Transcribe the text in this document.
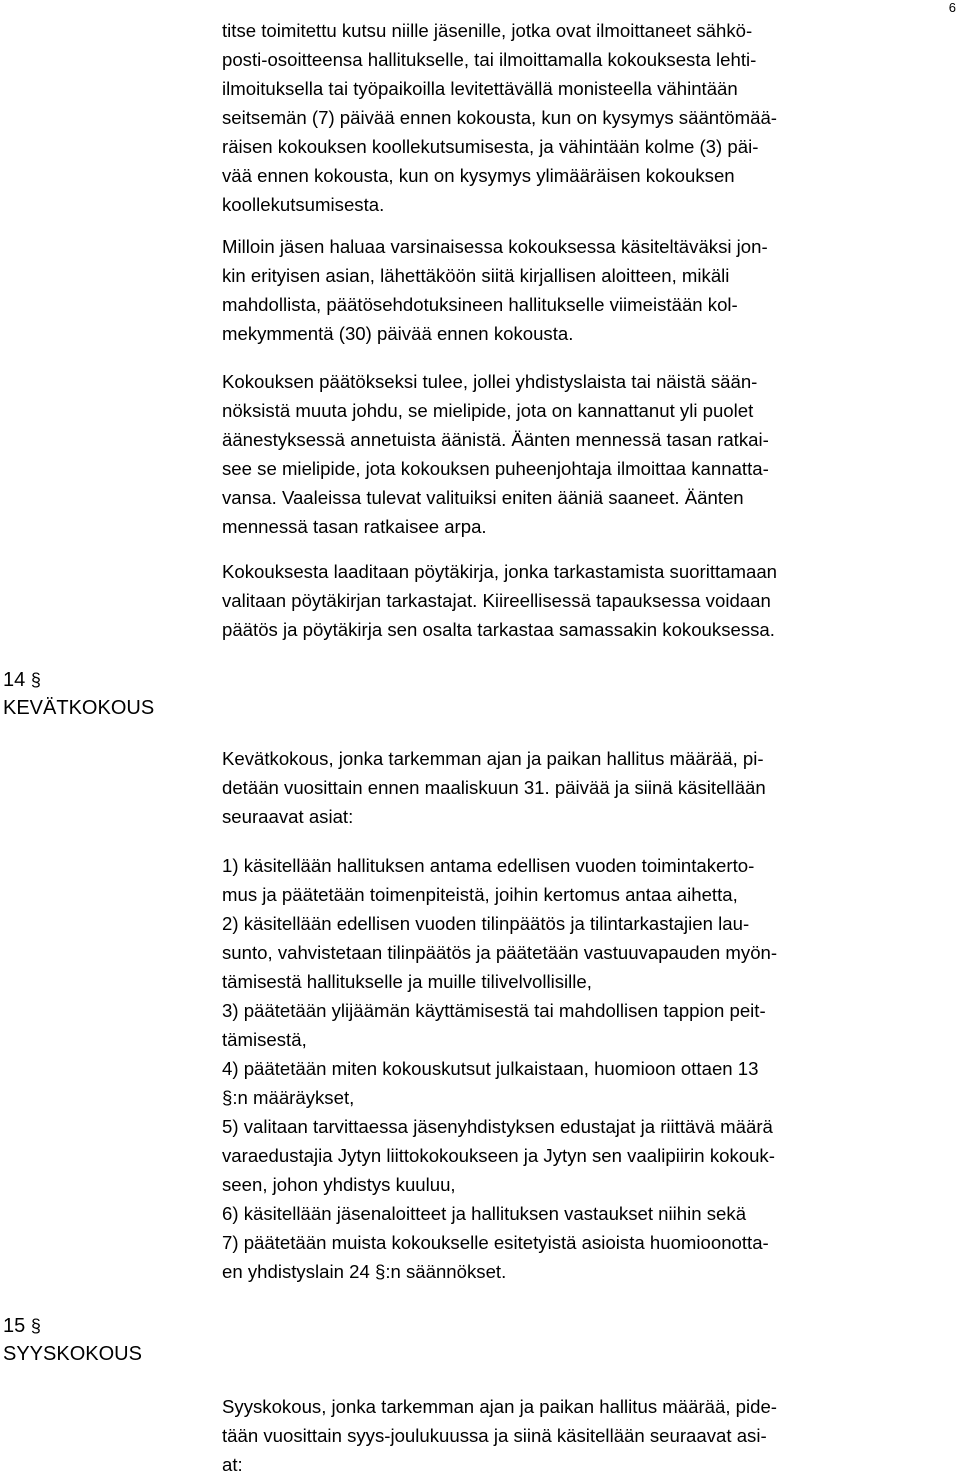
6

titse toimitettu kutsu niille jäsenille, jotka ovat ilmoittaneet sähkö-
posti-osoitteensa hallitukselle, tai ilmoittamalla kokouksesta lehti-
ilmoituksella tai työpaikoilla levitettävällä monisteella vähintään
seitsemän (7) päivää ennen kokousta, kun on kysymys sääntömää-
räisen kokouksen koollekutsumisesta, ja vähintään kolme (3) päi-
vää ennen kokousta, kun on kysymys ylimääräisen kokouksen
koollekutsumisesta.

Milloin jäsen haluaa varsinaisessa kokouksessa käsiteltäväksi jon-
kin erityisen asian, lähettäköön siitä kirjallisen aloitteen, mikäli
mahdollista, päätösehdotuksineen hallitukselle viimeistään kol-
mekymmentä (30) päivää ennen kokousta.

Kokouksen päätökseksi tulee, jollei yhdistyslaista tai näistä sään-
nöksistä muuta johdu, se mielipide, jota on kannattanut yli puolet
äänestyksessä annetuista äänistä. Äänten mennessä tasan ratkai-
see se mielipide, jota kokouksen puheenjohtaja ilmoittaa kannatta-
vansa. Vaaleissa tulevat valituiksi eniten ääniä saaneet. Äänten
mennessä tasan ratkaisee arpa.

Kokouksesta laaditaan pöytäkirja, jonka tarkastamista suorittamaan
valitaan pöytäkirjan tarkastajat. Kiireellisessä tapauksessa voidaan
päätös ja pöytäkirja sen osalta tarkastaa samassakin kokouksessa.

14 §
KEVÄTKOKOUS

Kevätkokous, jonka tarkemman ajan ja paikan hallitus määrää, pi-
detään vuosittain ennen maaliskuun 31. päivää ja siinä käsitellään
seuraavat asiat:

1) käsitellään hallituksen antama edellisen vuoden toimintakerto-
mus ja päätetään toimenpiteistä, joihin kertomus antaa aihetta,
2) käsitellään edellisen vuoden tilinpäätös ja tilintarkastajien lau-
sunto, vahvistetaan tilinpäätös ja päätetään vastuuvapauden myön-
tämisestä hallitukselle ja muille tilivelvollisille,
3) päätetään ylijäämän käyttämisestä tai mahdollisen tappion peit-
tämisestä,
4) päätetään miten kokouskutsut julkaistaan, huomioon ottaen 13
§:n määräykset,
5) valitaan tarvittaessa jäsenyhdistyksen edustajat ja riittävä määrä
varaedustajia Jytyn liittokokoukseen ja Jytyn sen vaalipiirin kokouk-
seen, johon yhdistys kuuluu,
6) käsitellään jäsenaloitteet ja hallituksen vastaukset niihin sekä
7) päätetään muista kokoukselle esitetyistä asioista huomioonotta-
en yhdistyslain 24 §:n säännökset.

15 §
SYYSKOKOUS

Syyskokous, jonka tarkemman ajan ja paikan hallitus määrää, pide-
tään vuosittain syys-joulukuussa ja siinä käsitellään seuraavat asi-
at:
